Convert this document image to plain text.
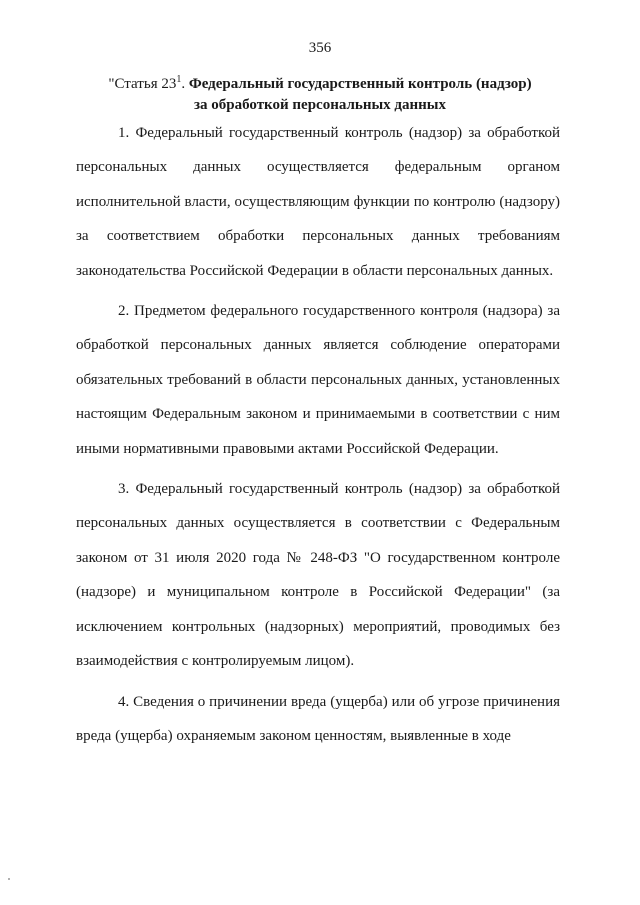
356
"Статья $23^1$. Федеральный государственный контроль (надзор)
за обработкой персональных данных

1. Федеральный государственный контроль (надзор) за обработкой персональных данных осуществляется федеральным органом исполнительной власти, осуществляющим функции по контролю (надзору) за соответствием обработки персональных данных требованиям законодательства Российской Федерации в области персональных данных.

2. Предметом федерального государственного контроля (надзора) за обработкой персональных данных является соблюдение операторами обязательных требований в области персональных данных, установленных настоящим Федеральным законом и принимаемыми в соответствии с ним иными нормативными правовыми актами Российской Федерации.

3. Федеральный государственный контроль (надзор) за обработкой персональных данных осуществляется в соответствии с Федеральным законом от 31 июля 2020 года № 248-ФЗ "О государственном контроле (надзоре) и муниципальном контроле в Российской Федерации" (за исключением контрольных (надзорных) мероприятий, проводимых без взаимодействия с контролируемым лицом).

4. Сведения о причинении вреда (ущерба) или об угрозе причинения вреда (ущерба) охраняемым законом ценностям, выявленные в ходе
